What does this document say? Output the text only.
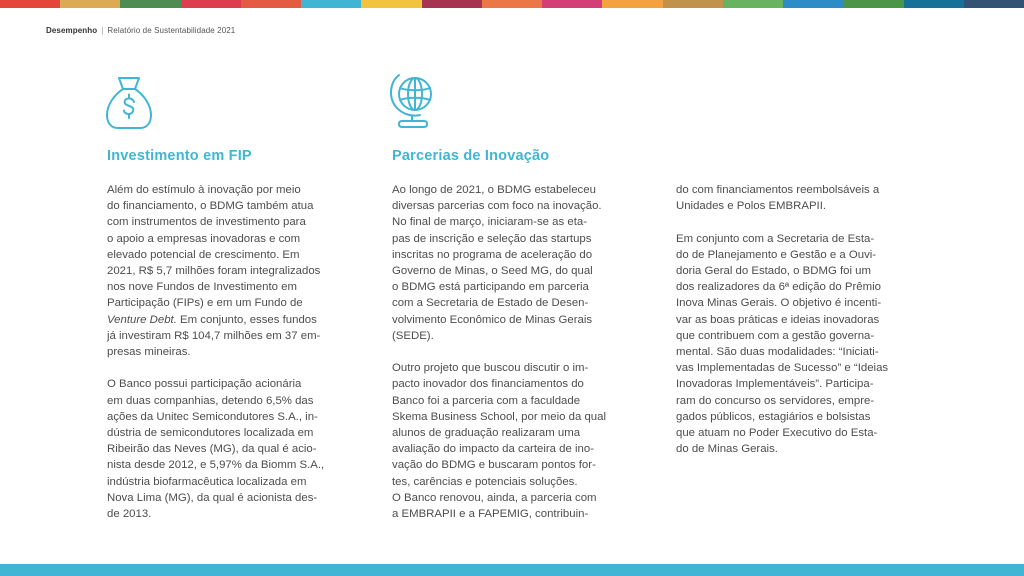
Desempenho | Relatório de Sustentabilidade 2021
Investimento em FIP

Além do estímulo à inovação por meio
do financiamento, o BDMG também atua
com instrumentos de investimento para
o apoio a empresas inovadoras e com
elevado potencial de crescimento. Em
2021, R$ 5,7 milhões foram integralizados
nos nove Fundos de Investimento em
Participação (FIPs) e em um Fundo de
Venture Debt. Em conjunto, esses fundos
já investiram R$ 104,7 milhões em 37 em-
presas mineiras.

O Banco possui participação acionária
em duas companhias, detendo 6,5% das
ações da Unitec Semicondutores S.A., in-
dústria de semicondutores localizada em
Ribeirão das Neves (MG), da qual é acio-
nista desde 2012, e 5,97% da Biomm S.A.,
indústria biofarmacêutica localizada em
Nova Lima (MG), da qual é acionista des-
de 2013.

Parcerias de Inovação

Ao longo de 2021, o BDMG estabeleceu
diversas parcerias com foco na inovação.
No final de março, iniciaram-se as eta-
pas de inscrição e seleção das startups
inscritas no programa de aceleração do
Governo de Minas, o Seed MG, do qual
o BDMG está participando em parceria
com a Secretaria de Estado de Desen-
volvimento Econômico de Minas Gerais
(SEDE).

Outro projeto que buscou discutir o im-
pacto inovador dos financiamentos do
Banco foi a parceria com a faculdade
Skema Business School, por meio da qual
alunos de graduação realizaram uma
avaliação do impacto da carteira de ino-
vação do BDMG e buscaram pontos for-
tes, carências e potenciais soluções.
O Banco renovou, ainda, a parceria com
a EMBRAPII e a FAPEMIG, contribuin-

do com financiamentos reembolsáveis a
Unidades e Polos EMBRAPII.

Em conjunto com a Secretaria de Esta-
do de Planejamento e Gestão e a Ouvi-
doria Geral do Estado, o BDMG foi um
dos realizadores da 6ª edição do Prêmio
Inova Minas Gerais. O objetivo é incenti-
var as boas práticas e ideias inovadoras
que contribuem com a gestão governa-
mental. São duas modalidades: “Iniciati-
vas Implementadas de Sucesso” e “Ideias
Inovadoras Implementáveis”. Participa-
ram do concurso os servidores, empre-
gados públicos, estagiários e bolsistas
que atuam no Poder Executivo do Esta-
do de Minas Gerais.
